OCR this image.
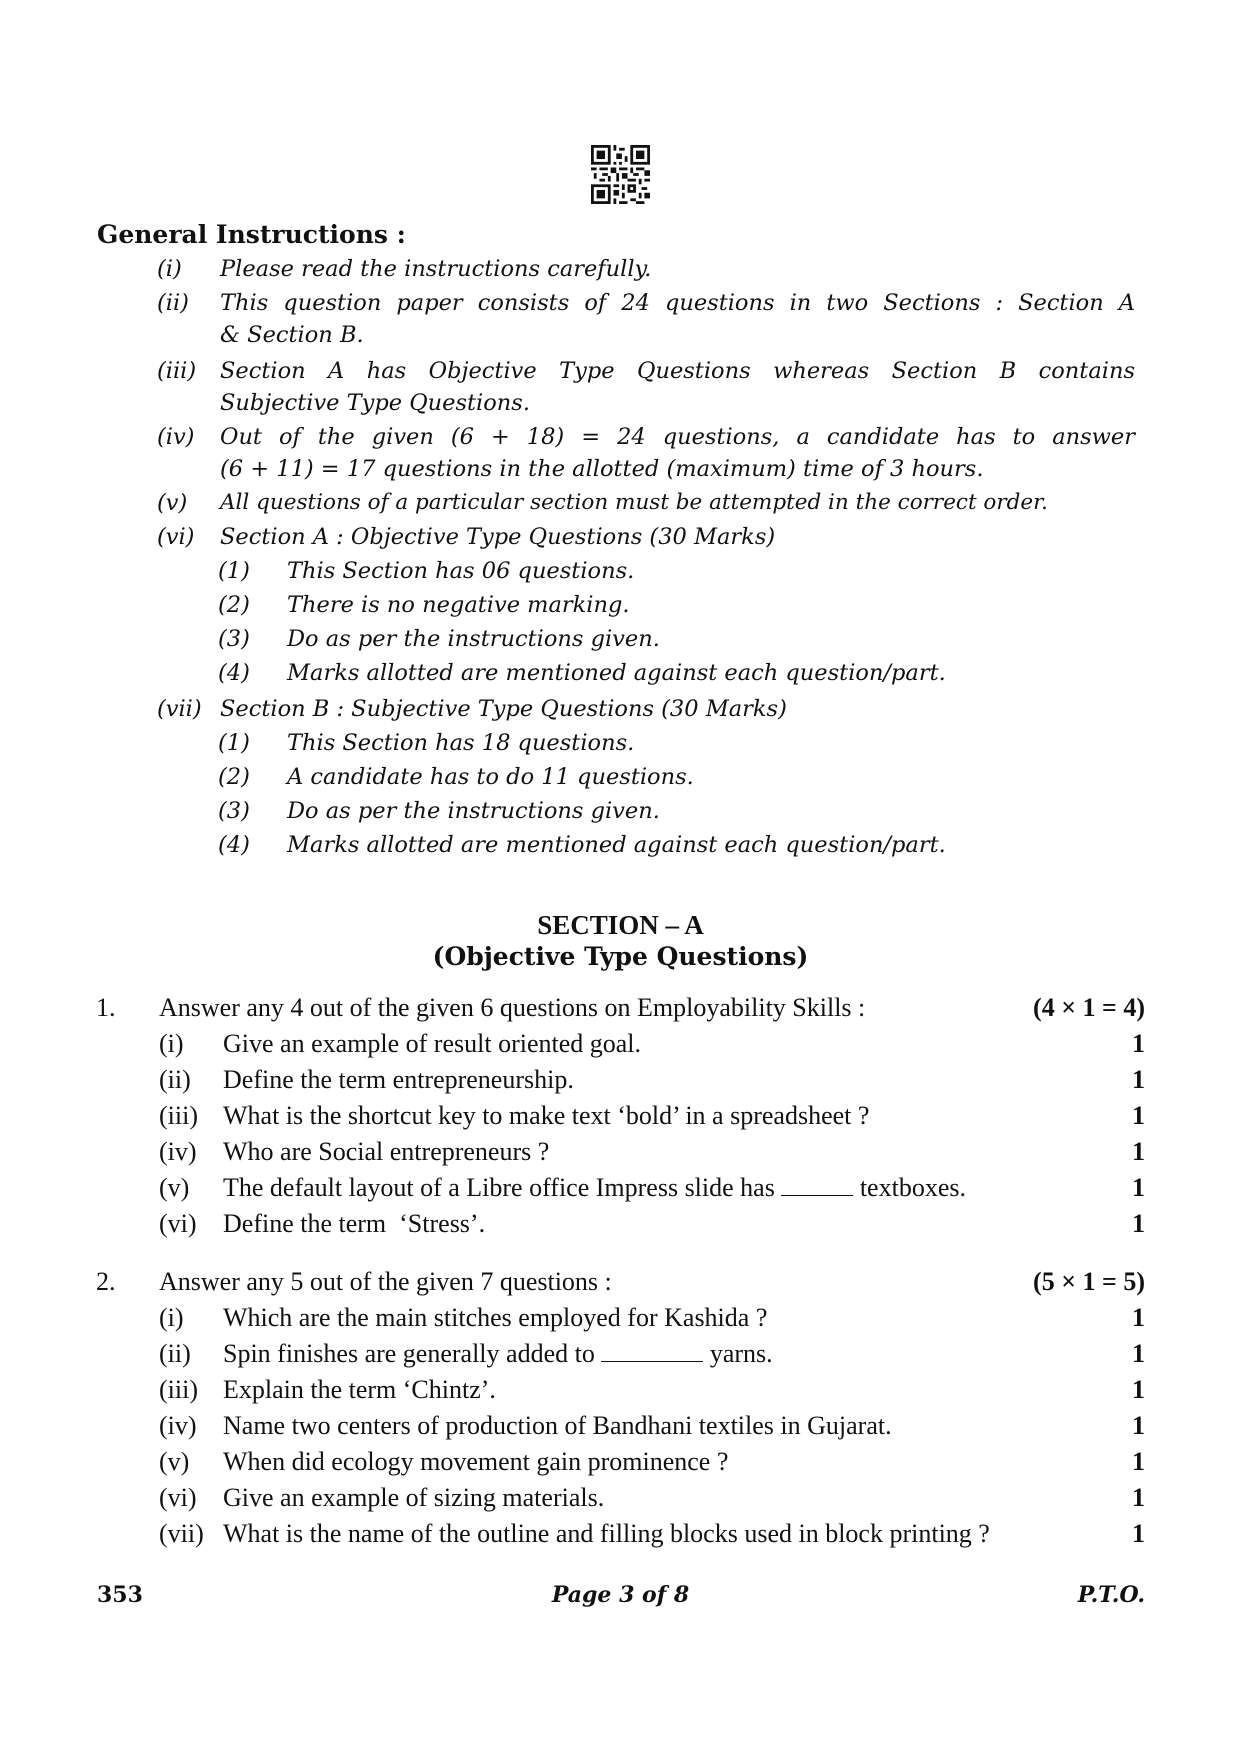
General Instructions :
(i) Please read the instructions carefully.
(ii) This question paper consists of 24 questions in two Sections : Section A
& Section B.
(iii) Section A has Objective Type Questions whereas Section B contains
Subjective Type Questions.
(iv) Out of the given (6 + 18) = 24 questions, a candidate has to answer
(6 + 11) = 17 questions in the allotted (maximum) time of 3 hours.
(v) All questions of a particular section must be attempted in the correct order.
(vi) Section A : Objective Type Questions (30 Marks)
(1) This Section has 06 questions.
(2) There is no negative marking.
(3) Do as per the instructions given.
(4) Marks allotted are mentioned against each question/part.
(vii) Section B : Subjective Type Questions (30 Marks)
(1) This Section has 18 questions.
(2) A candidate has to do 11 questions.
(3) Do as per the instructions given.
(4) Marks allotted are mentioned against each question/part.
SECTION – A
(Objective Type Questions)
1. Answer any 4 out of the given 6 questions on Employability Skills :	(4 × 1 = 4)
(i) Give an example of result oriented goal.	1
(ii) Define the term entrepreneurship.	1
(iii) What is the shortcut key to make text ‘bold’ in a spreadsheet ?	1
(iv) Who are Social entrepreneurs ?	1
(v) The default layout of a Libre office Impress slide has	textboxes.	1
(vi) Define the term  ‘Stress’.	1
2. Answer any 5 out of the given 7 questions :	(5 × 1 = 5)
(i) Which are the main stitches employed for Kashida ?	1
(ii) Spin finishes are generally added to	yarns.	1
(iii) Explain the term ‘Chintz’.	1
(iv) Name two centers of production of Bandhani textiles in Gujarat.	1
(v) When did ecology movement gain prominence ?	1
(vi) Give an example of sizing materials.	1
(vii) What is the name of the outline and filling blocks used in block printing ?	1
353	Page 3 of 8	P.T.O.
